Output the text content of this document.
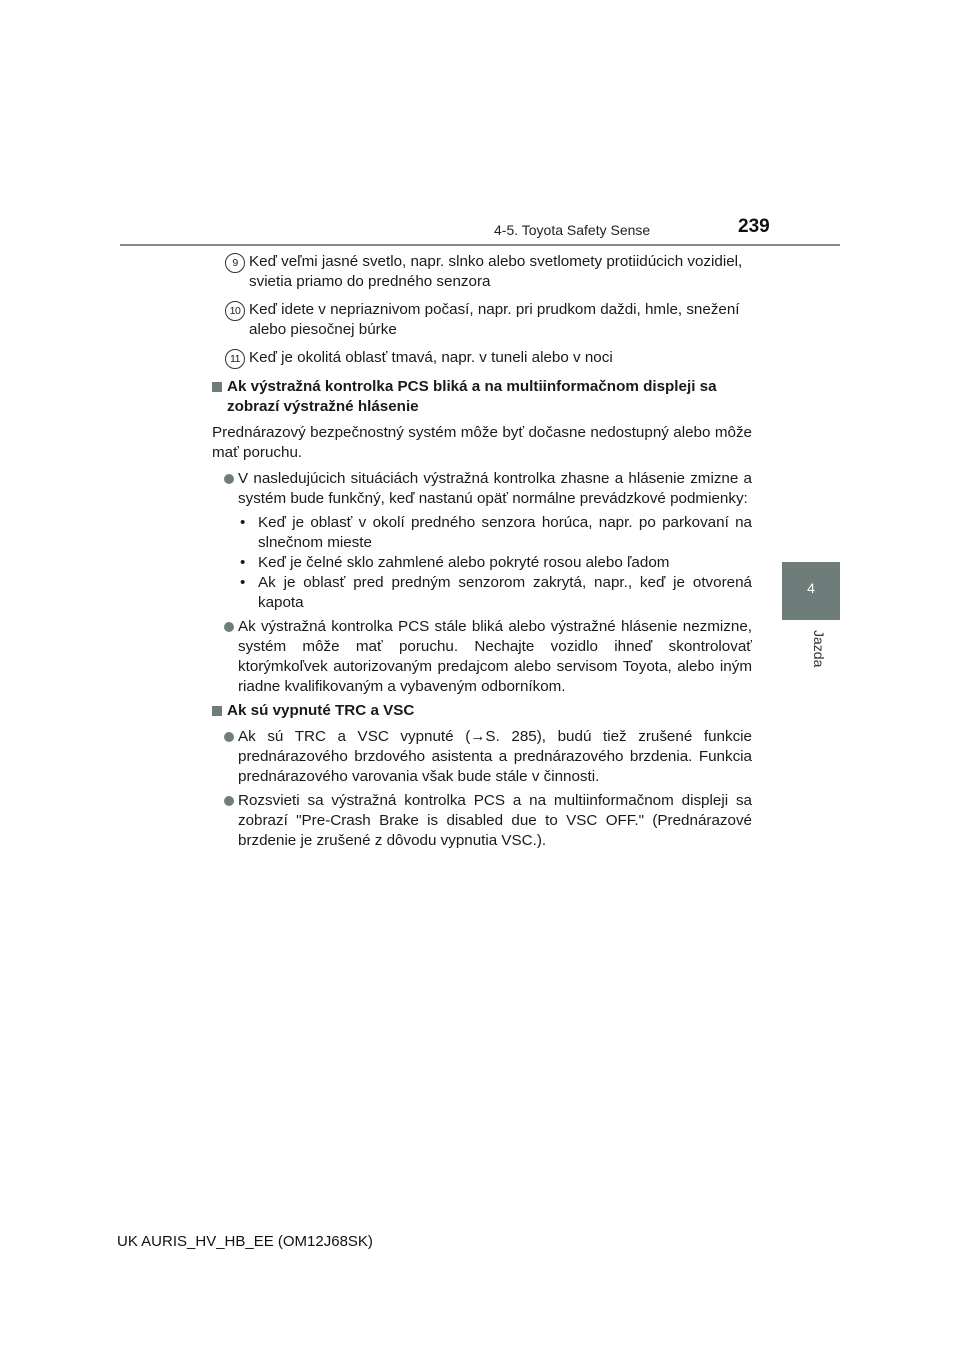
4-5. Toyota Safety Sense	239
4
Jazda
9 Keď veľmi jasné svetlo, napr. slnko alebo svetlomety protiidúcich vozidiel, svietia priamo do predného senzora
10 Keď idete v nepriaznivom počasí, napr. pri prudkom daždi, hmle, snežení alebo piesočnej búrke
11 Keď je okolitá oblasť tmavá, napr. v tuneli alebo v noci
Ak výstražná kontrolka PCS bliká a na multiinformačnom displeji sa zobrazí výstražné hlásenie
Prednárazový bezpečnostný systém môže byť dočasne nedostupný alebo môže mať poruchu.
V nasledujúcich situáciách výstražná kontrolka zhasne a hlásenie zmizne a systém bude funkčný, keď nastanú opäť normálne prevádzkové podmienky:
• Keď je oblasť v okolí predného senzora horúca, napr. po parkovaní na slnečnom mieste
• Keď je čelné sklo zahmlené alebo pokryté rosou alebo ľadom
• Ak je oblasť pred predným senzorom zakrytá, napr., keď je otvorená kapota
Ak výstražná kontrolka PCS stále bliká alebo výstražné hlásenie nezmizne, systém môže mať poruchu. Nechajte vozidlo ihneď skontrolovať ktorýmkoľvek autorizovaným predajcom alebo servisom Toyota, alebo iným riadne kvalifikovaným a vybaveným odborníkom.
Ak sú vypnuté TRC a VSC
Ak sú TRC a VSC vypnuté (→S. 285), budú tiež zrušené funkcie prednárazového brzdového asistenta a prednárazového brzdenia. Funkcia prednárazového varovania však bude stále v činnosti.
Rozsvieti sa výstražná kontrolka PCS a na multiinformačnom displeji sa zobrazí "Pre-Crash Brake is disabled due to VSC OFF." (Prednárazové brzdenie je zrušené z dôvodu vypnutia VSC.).
UK AURIS_HV_HB_EE (OM12J68SK)
